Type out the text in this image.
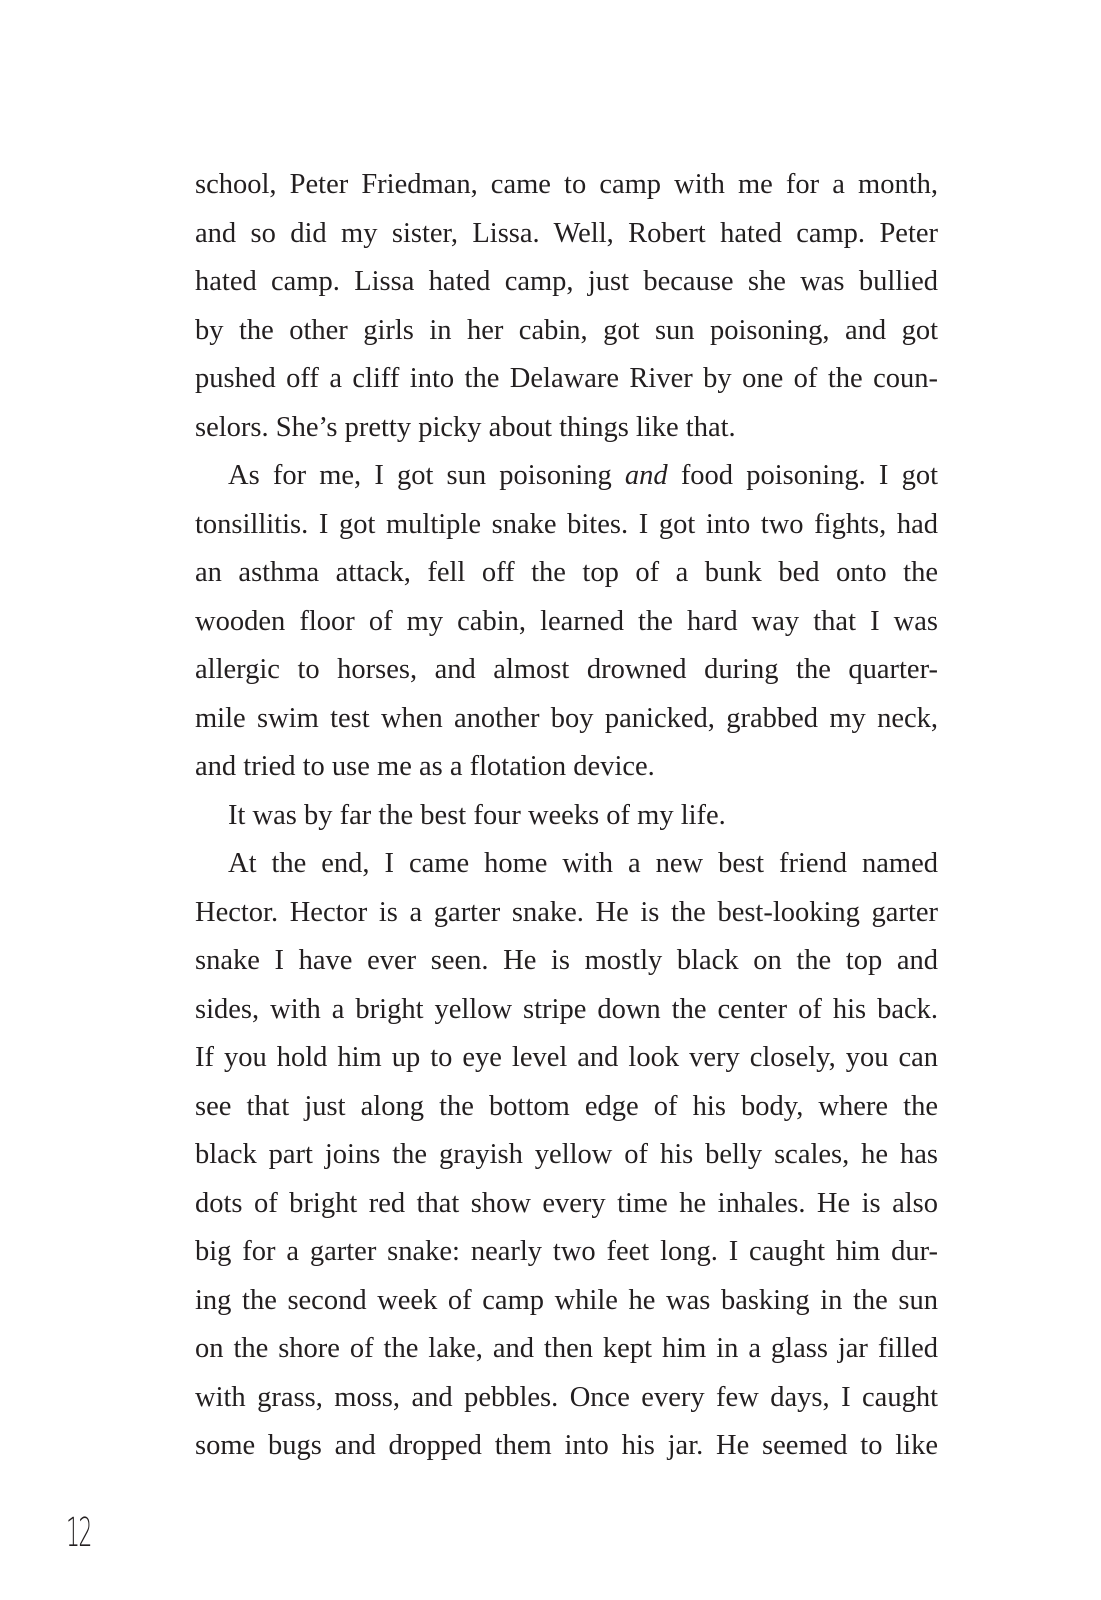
school, Peter Friedman, came to camp with me for a month,
and so did my sister, Lissa. Well, Robert hated camp. Peter
hated camp. Lissa hated camp, just because she was bullied
by the other girls in her cabin, got sun poisoning, and got
pushed off a cliff into the Delaware River by one of the coun-
selors. She’s pretty picky about things like that.
As for me, I got sun poisoning and food poisoning. I got
tonsillitis. I got multiple snake bites. I got into two fights, had
an asthma attack, fell off the top of a bunk bed onto the
wooden floor of my cabin, learned the hard way that I was
allergic to horses, and almost drowned during the quarter-
mile swim test when another boy panicked, grabbed my neck,
and tried to use me as a flotation device.
It was by far the best four weeks of my life.
At the end, I came home with a new best friend named
Hector. Hector is a garter snake. He is the best-looking garter
snake I have ever seen. He is mostly black on the top and
sides, with a bright yellow stripe down the center of his back.
If you hold him up to eye level and look very closely, you can
see that just along the bottom edge of his body, where the
black part joins the grayish yellow of his belly scales, he has
dots of bright red that show every time he inhales. He is also
big for a garter snake: nearly two feet long. I caught him dur-
ing the second week of camp while he was basking in the sun
on the shore of the lake, and then kept him in a glass jar filled
with grass, moss, and pebbles. Once every few days, I caught
some bugs and dropped them into his jar. He seemed to like
12
